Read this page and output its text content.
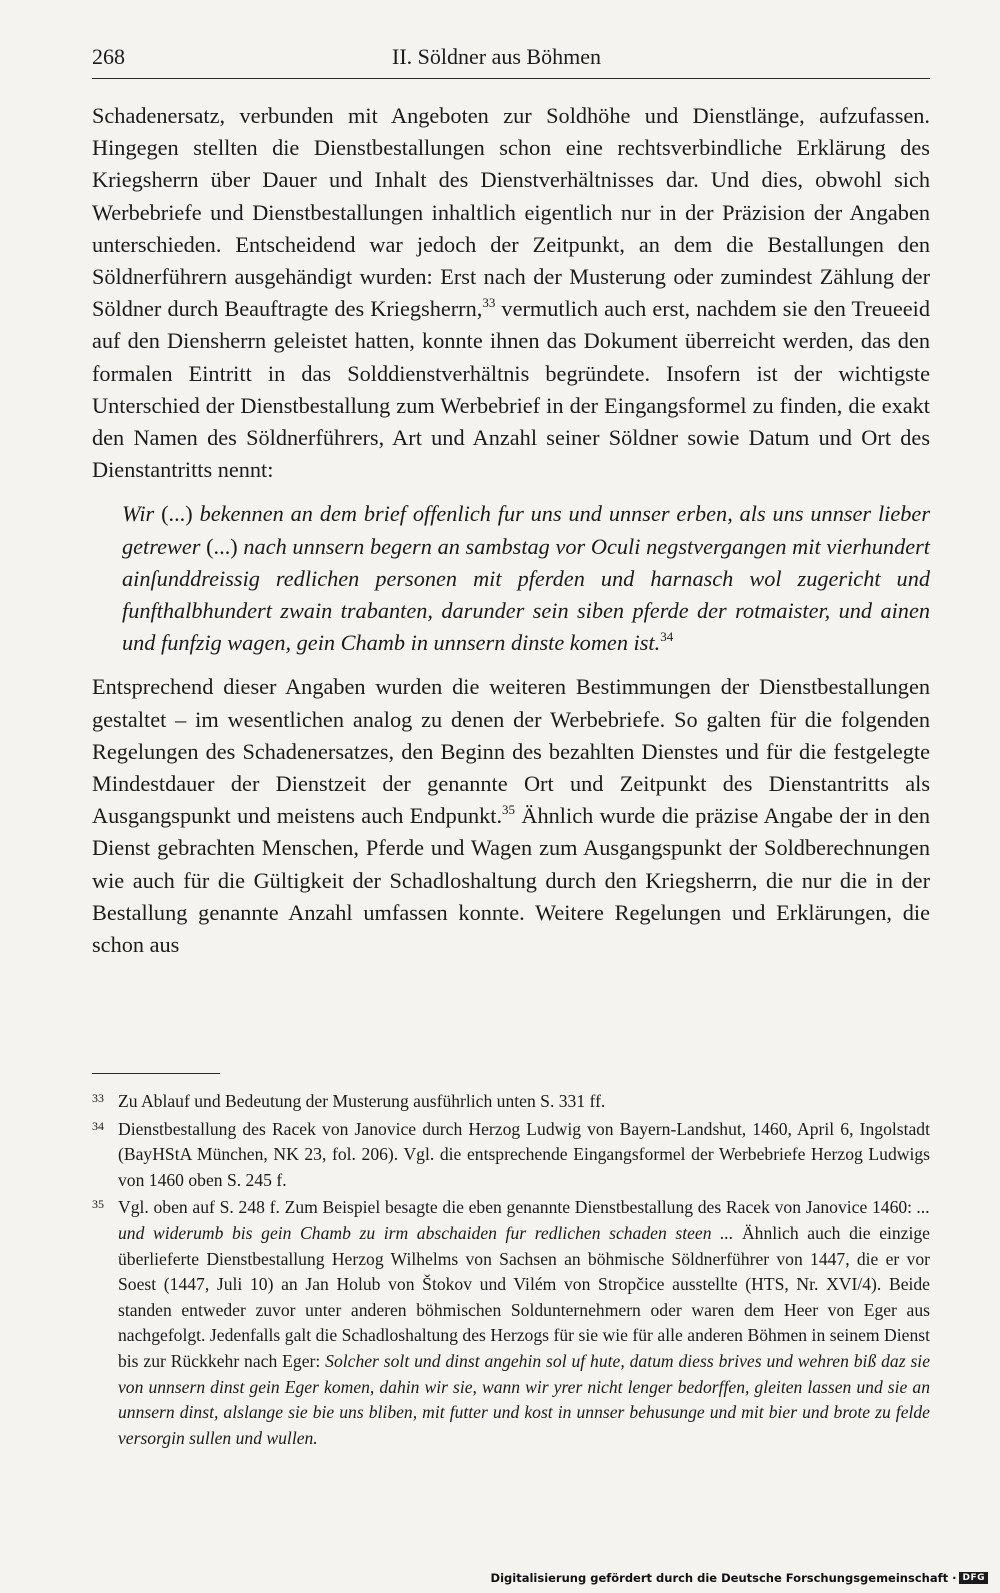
268	II. Söldner aus Böhmen

Schadenersatz, verbunden mit Angeboten zur Soldhöhe und Dienstlänge, aufzufassen. Hingegen stellten die Dienstbestallungen schon eine rechtsverbindliche Erklärung des Kriegsherrn über Dauer und Inhalt des Dienstverhältnisses dar. Und dies, obwohl sich Werbebriefe und Dienstbestallungen inhaltlich eigentlich nur in der Präzision der Angaben unterschieden. Entscheidend war jedoch der Zeitpunkt, an dem die Bestallungen den Söldnerführern ausgehändigt wurden: Erst nach der Musterung oder zumindest Zählung der Söldner durch Beauftragte des Kriegsherrn,$^{33}$ vermutlich auch erst, nachdem sie den Treueeid auf den Diensherrn geleistet hatten, konnte ihnen das Dokument überreicht werden, das den formalen Eintritt in das Solddienstverhältnis begründete. Insofern ist der wichtigste Unterschied der Dienstbestallung zum Werbebrief in der Eingangsformel zu finden, die exakt den Namen des Söldnerführers, Art und Anzahl seiner Söldner sowie Datum und Ort des Dienstantritts nennt:

Wir (...) bekennen an dem brief offenlich fur uns und unnser erben, als uns unnser lieber getrewer (...) nach unnsern begern an sambstag vor Oculi negstvergangen mit vierhundert ainſunddreissig redlichen personen mit pferden und harnasch wol zugericht und funfthalbhundert zwain trabanten, darunder sein siben pferde der rotmaister, und ainen und funfzig wagen, gein Chamb in unnsern dinste komen ist.$^{34}$

Entsprechend dieser Angaben wurden die weiteren Bestimmungen der Dienstbestallungen gestaltet – im wesentlichen analog zu denen der Werbebriefe. So galten für die folgenden Regelungen des Schadenersatzes, den Beginn des bezahlten Dienstes und für die festgelegte Mindestdauer der Dienstzeit der genannte Ort und Zeitpunkt des Dienstantritts als Ausgangspunkt und meistens auch Endpunkt.$^{35}$ Ähnlich wurde die präzise Angabe der in den Dienst gebrachten Menschen, Pferde und Wagen zum Ausgangspunkt der Soldberechnungen wie auch für die Gültigkeit der Schadloshaltung durch den Kriegsherrn, die nur die in der Bestallung genannte Anzahl umfassen konnte. Weitere Regelungen und Erklärungen, die schon aus

33 Zu Ablauf und Bedeutung der Musterung ausführlich unten S. 331 ff.

34 Dienstbestallung des Racek von Janovice durch Herzog Ludwig von Bayern-Landshut, 1460, April 6, Ingolstadt (BayHStA München, NK 23, fol. 206). Vgl. die entsprechende Eingangsformel der Werbebriefe Herzog Ludwigs von 1460 oben S. 245 f.

35 Vgl. oben auf S. 248 f. Zum Beispiel besagte die eben genannte Dienstbestallung des Racek von Janovice 1460: ... und widerumb bis gein Chamb zu irm abschaiden fur redlichen schaden steen ... Ähnlich auch die einzige überlieferte Dienstbestallung Herzog Wilhelms von Sachsen an böhmische Söldnerführer von 1447, die er vor Soest (1447, Juli 10) an Jan Holub von Štokov und Vilém von Stropčice ausstellte (HTS, Nr. XVI/4). Beide standen entweder zuvor unter anderen böhmischen Soldunternehmern oder waren dem Heer von Eger aus nachgefolgt. Jedenfalls galt die Schadloshaltung des Herzogs für sie wie für alle anderen Böhmen in seinem Dienst bis zur Rückkehr nach Eger: Solcher solt und dinst angehin sol uf hute, datum diess brives und wehren biß daz sie von unnsern dinst gein Eger komen, dahin wir sie, wann wir yrer nicht lenger bedorffen, gleiten lassen und sie an unnsern dinst, alslange sie bie uns bliben, mit futter und kost in unnser behusunge und mit bier und brote zu felde versorgin sullen und wullen.

Digitalisierung gefördert durch die Deutsche Forschungsgemeinschaft · DFG
